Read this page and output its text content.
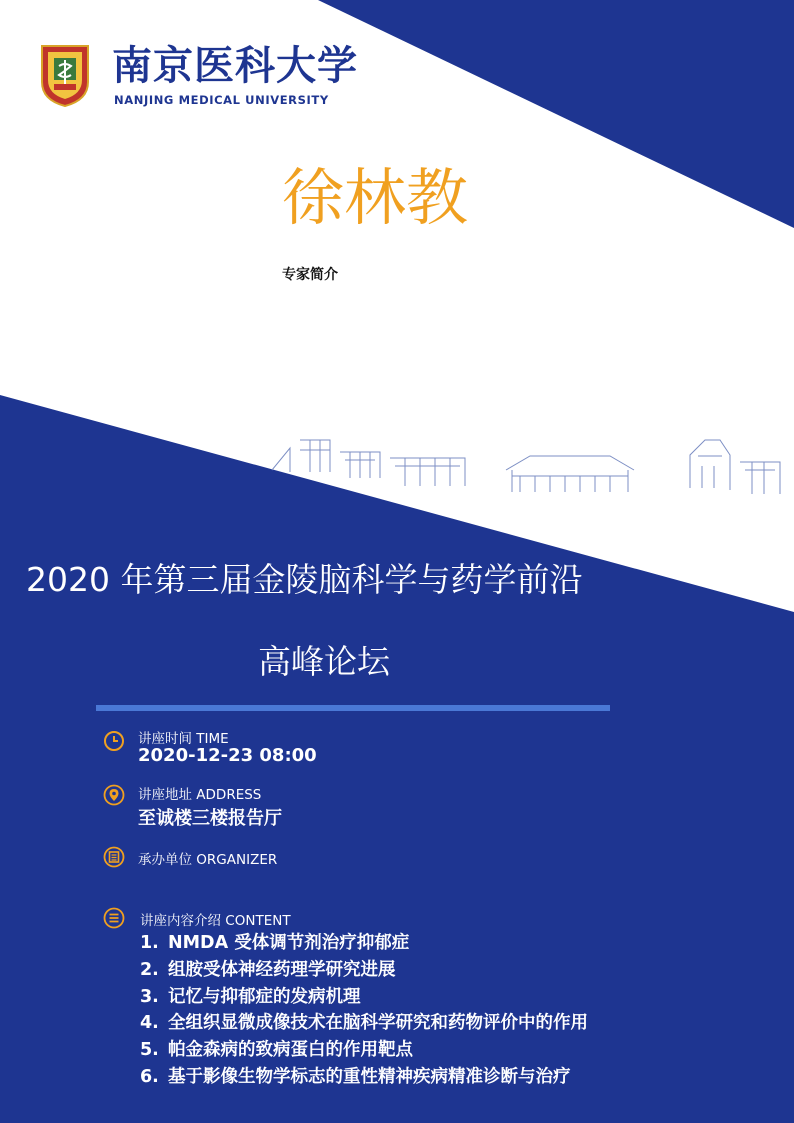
南京医科大学
NANJING MEDICAL UNIVERSITY
徐林教
专家简介
2020 年第三届金陵脑科学与药学前沿
高峰论坛
讲座时间 TIME
2020-12-23 08:00
讲座地址 ADDRESS
至诚楼三楼报告厅
承办单位 ORGANIZER
讲座内容介绍 CONTENT
1. NMDA 受体调节剂治疗抑郁症
2. 组胺受体神经药理学研究进展
3. 记忆与抑郁症的发病机理
4. 全组织显微成像技术在脑科学研究和药物评价中的作用
5. 帕金森病的致病蛋白的作用靶点
6. 基于影像生物学标志的重性精神疾病精准诊断与治疗
